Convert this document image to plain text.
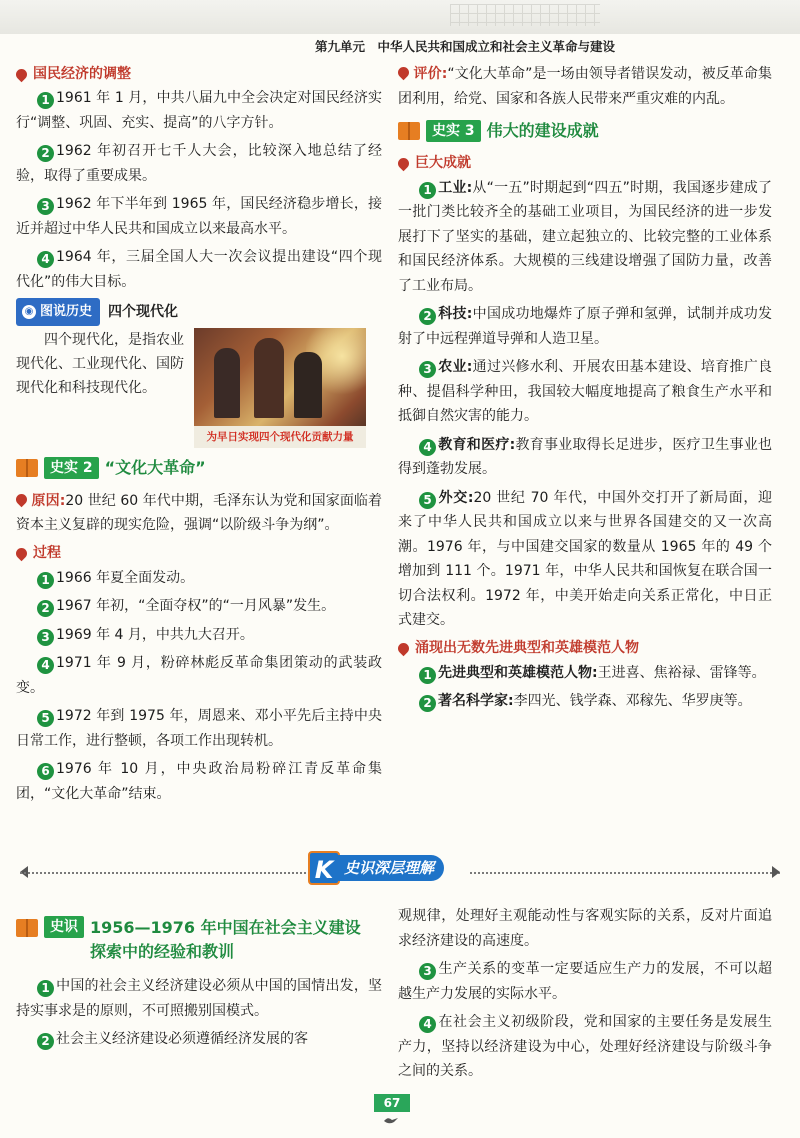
第九单元　中华人民共和国成立和社会主义革命与建设
国民经济的调整

1 1961 年 1 月，中共八届九中全会决定对国民经济实行“调整、巩固、充实、提高”的八字方针。

2 1962 年初召开七千人大会，比较深入地总结了经验，取得了重要成果。

3 1962 年下半年到 1965 年，国民经济稳步增长，接近并超过中华人民共和国成立以来最高水平。

4 1964 年，三届全国人大一次会议提出建设“四个现代化”的伟大目标。

◉ 图说历史 四个现代化
四个现代化，是指农业现代化、工业现代化、国防现代化和科技现代化。
为早日实现四个现代化贡献力量
史实 2 “文化大革命”

原因:20 世纪 60 年代中期，毛泽东认为党和国家面临着资本主义复辟的现实危险，强调“以阶级斗争为纲”。

过程

1 1966 年夏全面发动。

2 1967 年初，“全面夺权”的“一月风暴”发生。

3 1969 年 4 月，中共九大召开。

4 1971 年 9 月，粉碎林彪反革命集团策动的武装政变。

5 1972 年到 1975 年，周恩来、邓小平先后主持中央日常工作，进行整顿，各项工作出现转机。

6 1976 年 10 月，中央政治局粉碎江青反革命集团，“文化大革命”结束。

评价:“文化大革命”是一场由领导者错误发动，被反革命集团利用，给党、国家和各族人民带来严重灾难的内乱。

史实 3 伟大的建设成就
巨大成就

1 工业:从“一五”时期起到“四五”时期，我国逐步建成了一批门类比较齐全的基础工业项目，为国民经济的进一步发展打下了坚实的基础，建立起独立的、比较完整的工业体系和国民经济体系。大规模的三线建设增强了国防力量，改善了工业布局。

2 科技:中国成功地爆炸了原子弹和氢弹，试制并成功发射了中远程弹道导弹和人造卫星。

3 农业:通过兴修水利、开展农田基本建设、培育推广良种、提倡科学种田，我国较大幅度地提高了粮食生产水平和抵御自然灾害的能力。

4 教育和医疗:教育事业取得长足进步，医疗卫生事业也得到蓬勃发展。

5 外交:20 世纪 70 年代，中国外交打开了新局面，迎来了中华人民共和国成立以来与世界各国建交的又一次高潮。1976 年，与中国建交国家的数量从 1965 年的 49 个增加到 111 个。1971 年，中华人民共和国恢复在联合国一切合法权利。1972 年，中美开始走向关系正常化，中日正式建交。

涌现出无数先进典型和英雄模范人物

1 先进典型和英雄模范人物:王进喜、焦裕禄、雷锋等。

2 著名科学家:李四光、钱学森、邓稼先、华罗庚等。

K 史识深层理解
史识 1956—1976 年中国在社会主义建设探索中的经验和教训

1 中国的社会主义经济建设必须从中国的国情出发，坚持实事求是的原则，不可照搬别国模式。

2 社会主义经济建设必须遵循经济发展的客

观规律，处理好主观能动性与客观实际的关系，反对片面追求经济建设的高速度。

3 生产关系的变革一定要适应生产力的发展，不可以超越生产力发展的实际水平。

4 在社会主义初级阶段，党和国家的主要任务是发展生产力，坚持以经济建设为中心，处理好经济建设与阶级斗争之间的关系。

67
